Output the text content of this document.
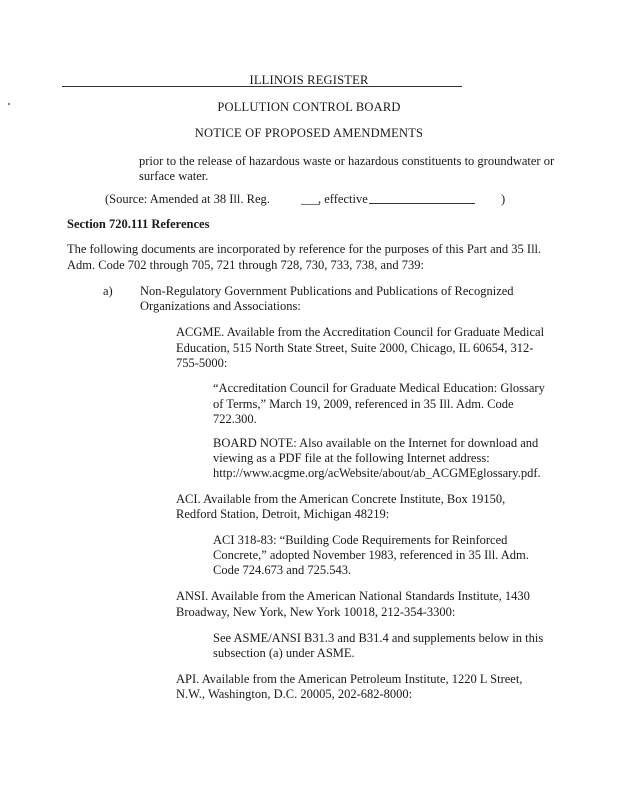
ILLINOIS REGISTER
POLLUTION CONTROL BOARD
NOTICE OF PROPOSED AMENDMENTS
prior to the release of hazardous waste or hazardous constituents to groundwater or
surface water.
(Source: Amended at 38 Ill. Reg. ___
, effective	)
Section 720.111 References
The following documents are incorporated by reference for the purposes of this Part and 35 Ill.
Adm. Code 702 through 705, 721 through 728, 730, 733, 738, and 739:
a) Non-Regulatory Government Publications and Publications of Recognized
Organizations and Associations:
ACGME. Available from the Accreditation Council for Graduate Medical
Education, 515 North State Street, Suite 2000, Chicago, IL 60654, 312-
755-5000:
“Accreditation Council for Graduate Medical Education: Glossary
of Terms,” March 19, 2009, referenced in 35 Ill. Adm. Code
722.300.
BOARD NOTE: Also available on the Internet for download and
viewing as a PDF file at the following Internet address:
http://www.acgme.org/acWebsite/about/ab_ACGMEglossary.pdf.
ACI. Available from the American Concrete Institute, Box 19150,
Redford Station, Detroit, Michigan 48219:
ACI 318-83: “Building Code Requirements for Reinforced
Concrete,” adopted November 1983, referenced in 35 Ill. Adm.
Code 724.673 and 725.543.
ANSI. Available from the American National Standards Institute, 1430
Broadway, New York, New York 10018, 212-354-3300:
See ASME/ANSI B31.3 and B31.4 and supplements below in this
subsection (a) under ASME.
API. Available from the American Petroleum Institute, 1220 L Street,
N.W., Washington, D.C. 20005, 202-682-8000:
